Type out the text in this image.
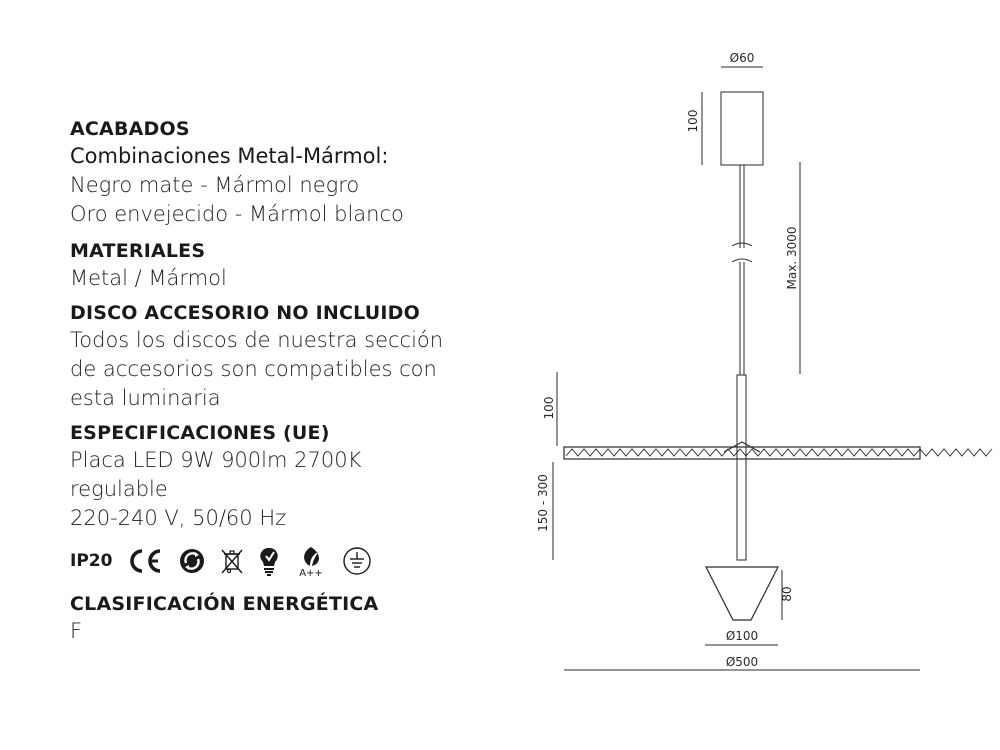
ACABADOS
Combinaciones Metal-Mármol:
Negro mate - Mármol negro
Oro envejecido - Mármol blanco
MATERIALES
Metal / Mármol
DISCO ACCESORIO NO INCLUIDO
Todos los discos de nuestra sección
de accesorios son compatibles con
esta luminaria
ESPECIFICACIONES (UE)
Placa LED 9W 900lm 2700K
regulable
220-240 V, 50/60 Hz
IP20
A++
CLASIFICACIÓN ENERGÉTICA
F
Ø60
100
Max. 3000
100
150 - 300
80
Ø100
Ø500
